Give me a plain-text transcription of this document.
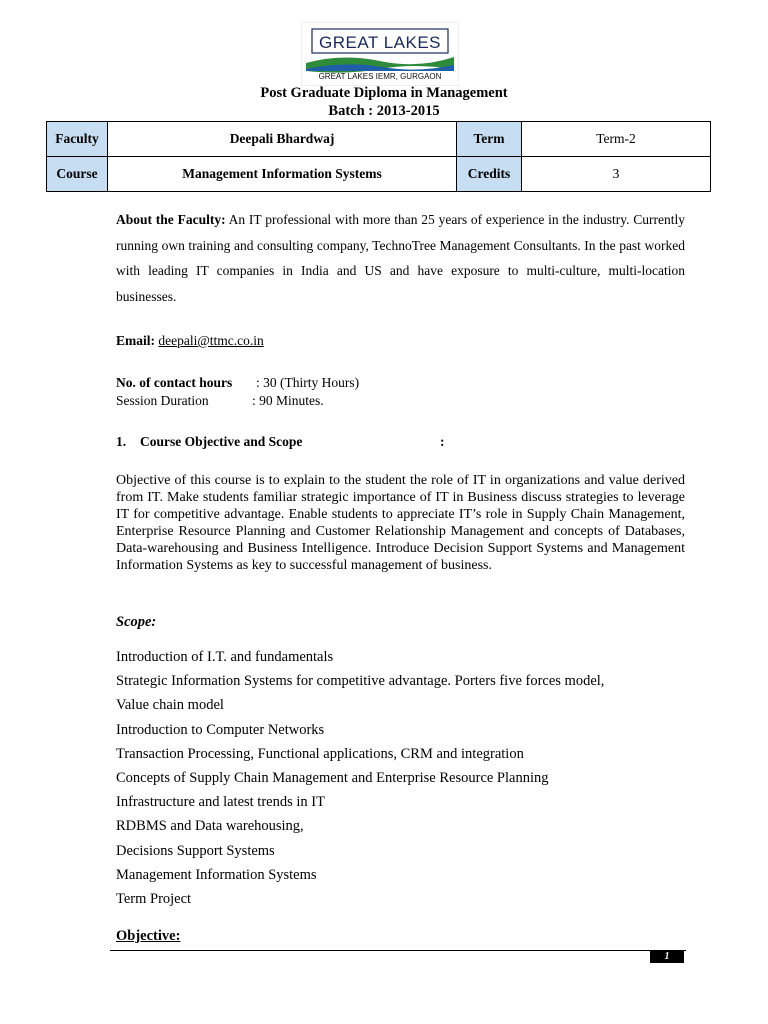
GREAT LAKES
GREAT LAKES IEMR, GURGAON
Post Graduate Diploma in Management
Batch : 2013-2015
Faculty	Deepali Bhardwaj	Term	Term-2
Course	Management Information Systems	Credits	3
About the Faculty: An IT professional with more than 25 years of experience in the industry. Currently running own training and consulting company, TechnoTree Management Consultants. In the past worked with leading IT companies in India and US and have exposure to multi-culture, multi-location businesses.
Email: deepali@ttmc.co.in
No. of contact hours : 30 (Thirty Hours)
Session Duration	: 90 Minutes.
1. Course Objective and Scope	:
Objective of this course is to explain to the student the role of IT in organizations and value derived from IT. Make students familiar strategic importance of IT in Business discuss strategies to leverage IT for competitive advantage. Enable students to appreciate IT’s role in Supply Chain Management, Enterprise Resource Planning and Customer Relationship Management and concepts of Databases, Data-warehousing and Business Intelligence. Introduce Decision Support Systems and Management Information Systems as key to successful management of business.
Scope:
Introduction of I.T. and fundamentals
Strategic Information Systems for competitive advantage. Porters five forces model,
Value chain model
Introduction to Computer Networks
Transaction Processing, Functional applications, CRM and integration
Concepts of Supply Chain Management and Enterprise Resource Planning
Infrastructure and latest trends in IT
RDBMS and Data warehousing,
Decisions Support Systems
Management Information Systems
Term Project
Objective:
1
